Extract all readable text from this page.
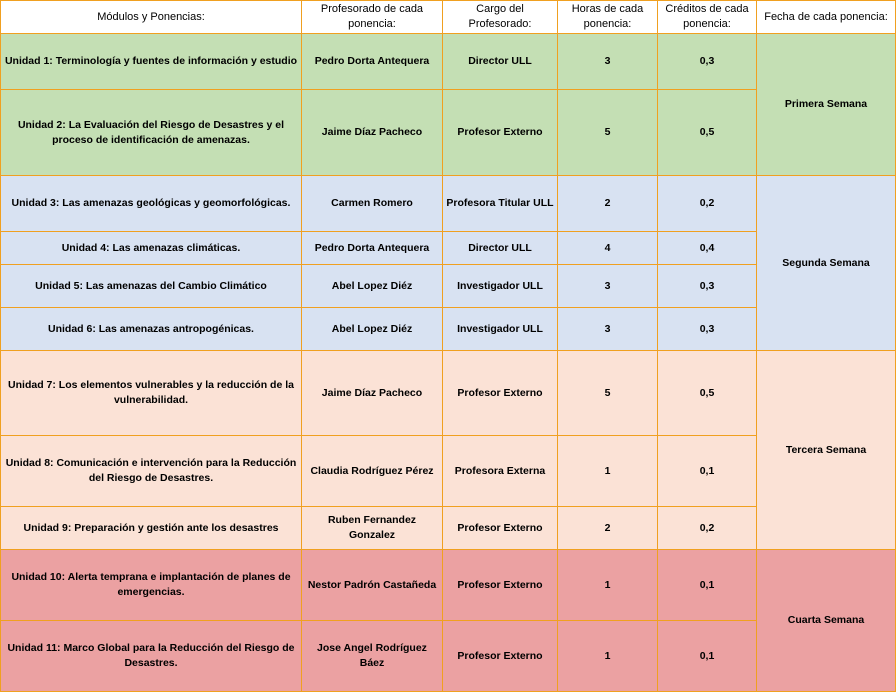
Módulos y Ponencias:	Profesorado de cada ponencia:	Cargo del Profesorado:	Horas de cada ponencia:	Créditos de cada ponencia:	Fecha de cada ponencia:
Unidad 1: Terminología y fuentes de información y estudio	Pedro Dorta Antequera	Director ULL	3	0,3	Primera Semana
Unidad 2: La Evaluación del Riesgo de Desastres y el proceso de identificación de amenazas.	Jaime Díaz Pacheco	Profesor Externo	5	0,5	
Unidad 3: Las amenazas geológicas y geomorfológicas.	Carmen Romero	Profesora Titular ULL	2	0,2	Segunda Semana
Unidad 4: Las amenazas climáticas.	Pedro Dorta Antequera	Director ULL	4	0,4	
Unidad 5: Las amenazas del Cambio Climático	Abel Lopez Diéz	Investigador ULL	3	0,3	
Unidad 6: Las amenazas antropogénicas.	Abel Lopez Diéz	Investigador ULL	3	0,3	
Unidad 7: Los elementos vulnerables y la reducción de la vulnerabilidad.	Jaime Díaz Pacheco	Profesor Externo	5	0,5	Tercera Semana
Unidad 8: Comunicación e intervención para la Reducción del Riesgo de Desastres.	Claudia Rodríguez Pérez	Profesora Externa	1	0,1	
Unidad 9: Preparación y gestión ante los desastres	Ruben Fernandez Gonzalez	Profesor Externo	2	0,2	
Unidad 10: Alerta temprana e implantación de planes de emergencias.	Nestor Padrón Castañeda	Profesor Externo	1	0,1	Cuarta Semana
Unidad 11: Marco Global para la Reducción del Riesgo de Desastres.	Jose Angel Rodríguez Báez	Profesor Externo	1	0,1	
